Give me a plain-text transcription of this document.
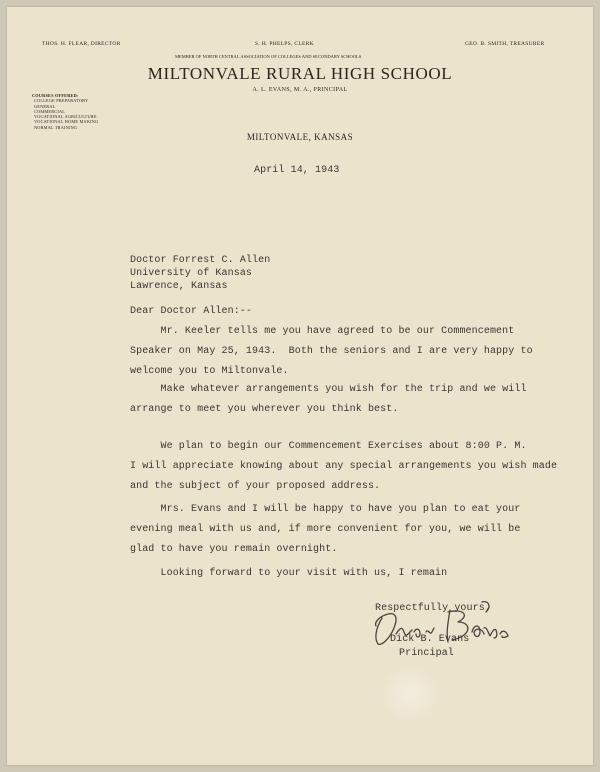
THOS. H. FLEAR, DIRECTOR	S. H. PHELPS, CLERK	GEO. B. SMITH, TREASURER
MEMBER OF NORTH CENTRAL ASSOCIATION OF COLLEGES AND SECONDARY SCHOOLS
MILTONVALE RURAL HIGH SCHOOL
A. L. EVANS, M. A., PRINCIPAL
COURSES OFFERED:
COLLEGE PREPARATORY
GENERAL
COMMERCIAL
VOCATIONAL AGRICULTURE
VOCATIONAL HOME MAKING
NORMAL TRAINING
MILTONVALE, KANSAS
April 14, 1943
Doctor Forrest C. Allen
University of Kansas
Lawrence, Kansas
Dear Doctor Allen:--
Mr. Keeler tells me you have agreed to be our Commencement
Speaker on May 25, 1943.  Both the seniors and I are very happy to
welcome you to Miltonvale.
Make whatever arrangements you wish for the trip and we will
arrange to meet you wherever you think best.
We plan to begin our Commencement Exercises about 8:00 P. M.
I will appreciate knowing about any special arrangements you wish made
and the subject of your proposed address.
Mrs. Evans and I will be happy to have you plan to eat your
evening meal with us and, if more convenient for you, we will be
glad to have you remain overnight.
Looking forward to your visit with us, I remain
Respectfully yours,
Dick B. Evans
Principal
